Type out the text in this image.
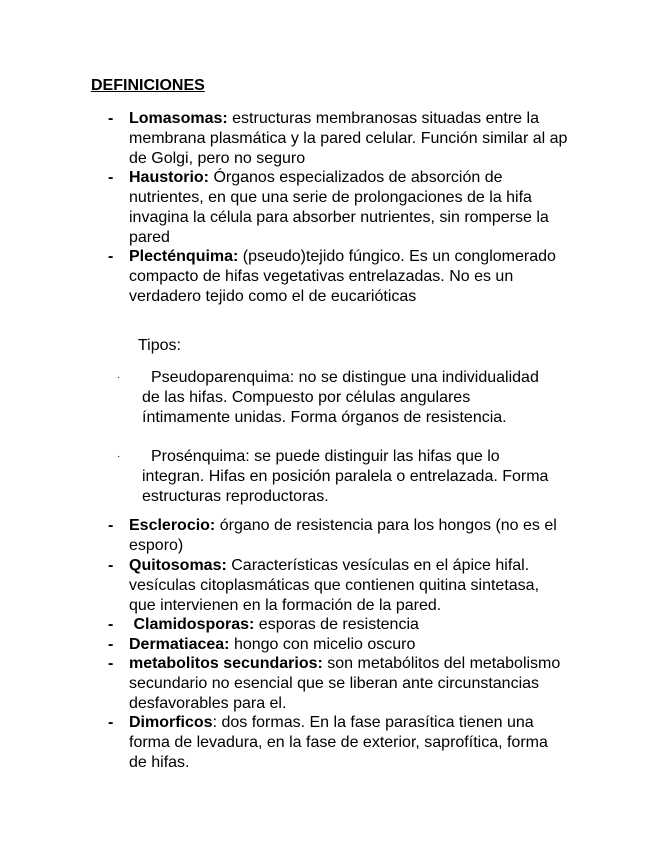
DEFINICIONES
- Lomasomas: estructuras membranosas situadas entre la membrana plasmática y la pared celular. Función similar al ap de Golgi, pero no seguro
- Haustorio: Órganos especializados de absorción de nutrientes, en que una serie de prolongaciones de la hifa invagina la célula para absorber nutrientes, sin romperse la pared
- Plecténquima: (pseudo)tejido fúngico. Es un conglomerado compacto de hifas vegetativas entrelazadas. No es un verdadero tejido como el de eucarióticas
Tipos:
·	Pseudoparenquima: no se distingue una individualidad de las hifas. Compuesto por células angulares íntimamente unidas. Forma órganos de resistencia.
·	Prosénquima: se puede distinguir las hifas que lo integran. Hifas en posición paralela o entrelazada. Forma estructuras reproductoras.
- Esclerocio: órgano de resistencia para los hongos (no es el esporo)
- Quitosomas: Características vesículas en el ápice hifal. vesículas citoplasmáticas que contienen quitina sintetasa, que intervienen en la formación de la pared.
- Clamidosporas: esporas de resistencia
- Dermatiacea: hongo con micelio oscuro
- metabolitos secundarios: son metabólitos del metabolismo secundario no esencial que se liberan ante circunstancias desfavorables para el.
- Dimorficos: dos formas. En la fase parasítica tienen una forma de levadura, en la fase de exterior, saprofítica, forma de hifas.
